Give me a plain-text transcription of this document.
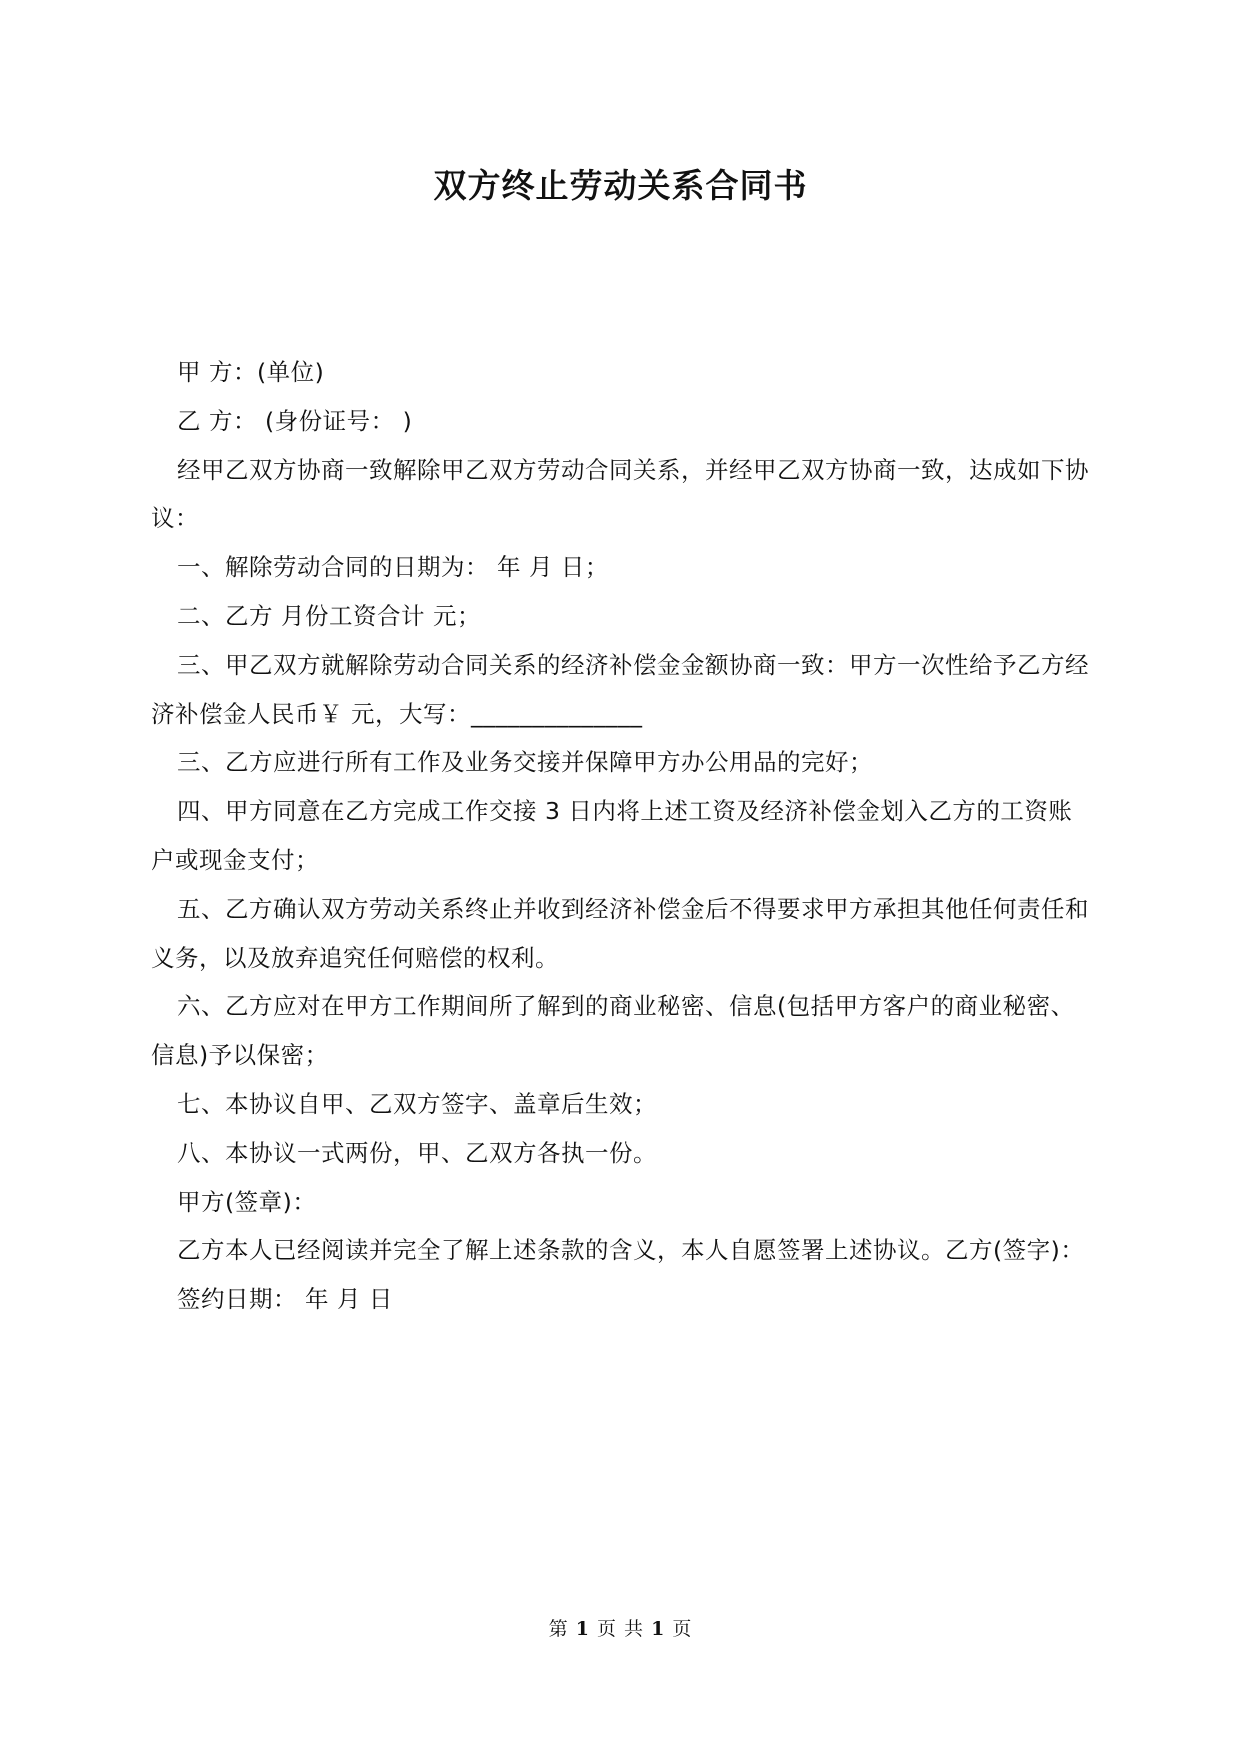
双方终止劳动关系合同书

甲 方：(单位)

乙 方： (身份证号： )

经甲乙双方协商一致解除甲乙双方劳动合同关系，并经甲乙双方协商一致，达成如下协议：

一、解除劳动合同的日期为： 年 月 日；

二、乙方 月份工资合计 元；

三、甲乙双方就解除劳动合同关系的经济补偿金金额协商一致：甲方一次性给予乙方经济补偿金人民币￥ 元，大写：______________

三、乙方应进行所有工作及业务交接并保障甲方办公用品的完好；

四、甲方同意在乙方完成工作交接 3 日内将上述工资及经济补偿金划入乙方的工资账户或现金支付；

五、乙方确认双方劳动关系终止并收到经济补偿金后不得要求甲方承担其他任何责任和义务，以及放弃追究任何赔偿的权利。

六、乙方应对在甲方工作期间所了解到的商业秘密、信息(包括甲方客户的商业秘密、信息)予以保密；

七、本协议自甲、乙双方签字、盖章后生效；

八、本协议一式两份，甲、乙双方各执一份。

甲方(签章)：

乙方本人已经阅读并完全了解上述条款的含义，本人自愿签署上述协议。乙方(签字)：

签约日期： 年 月 日

第 1 页 共 1 页
